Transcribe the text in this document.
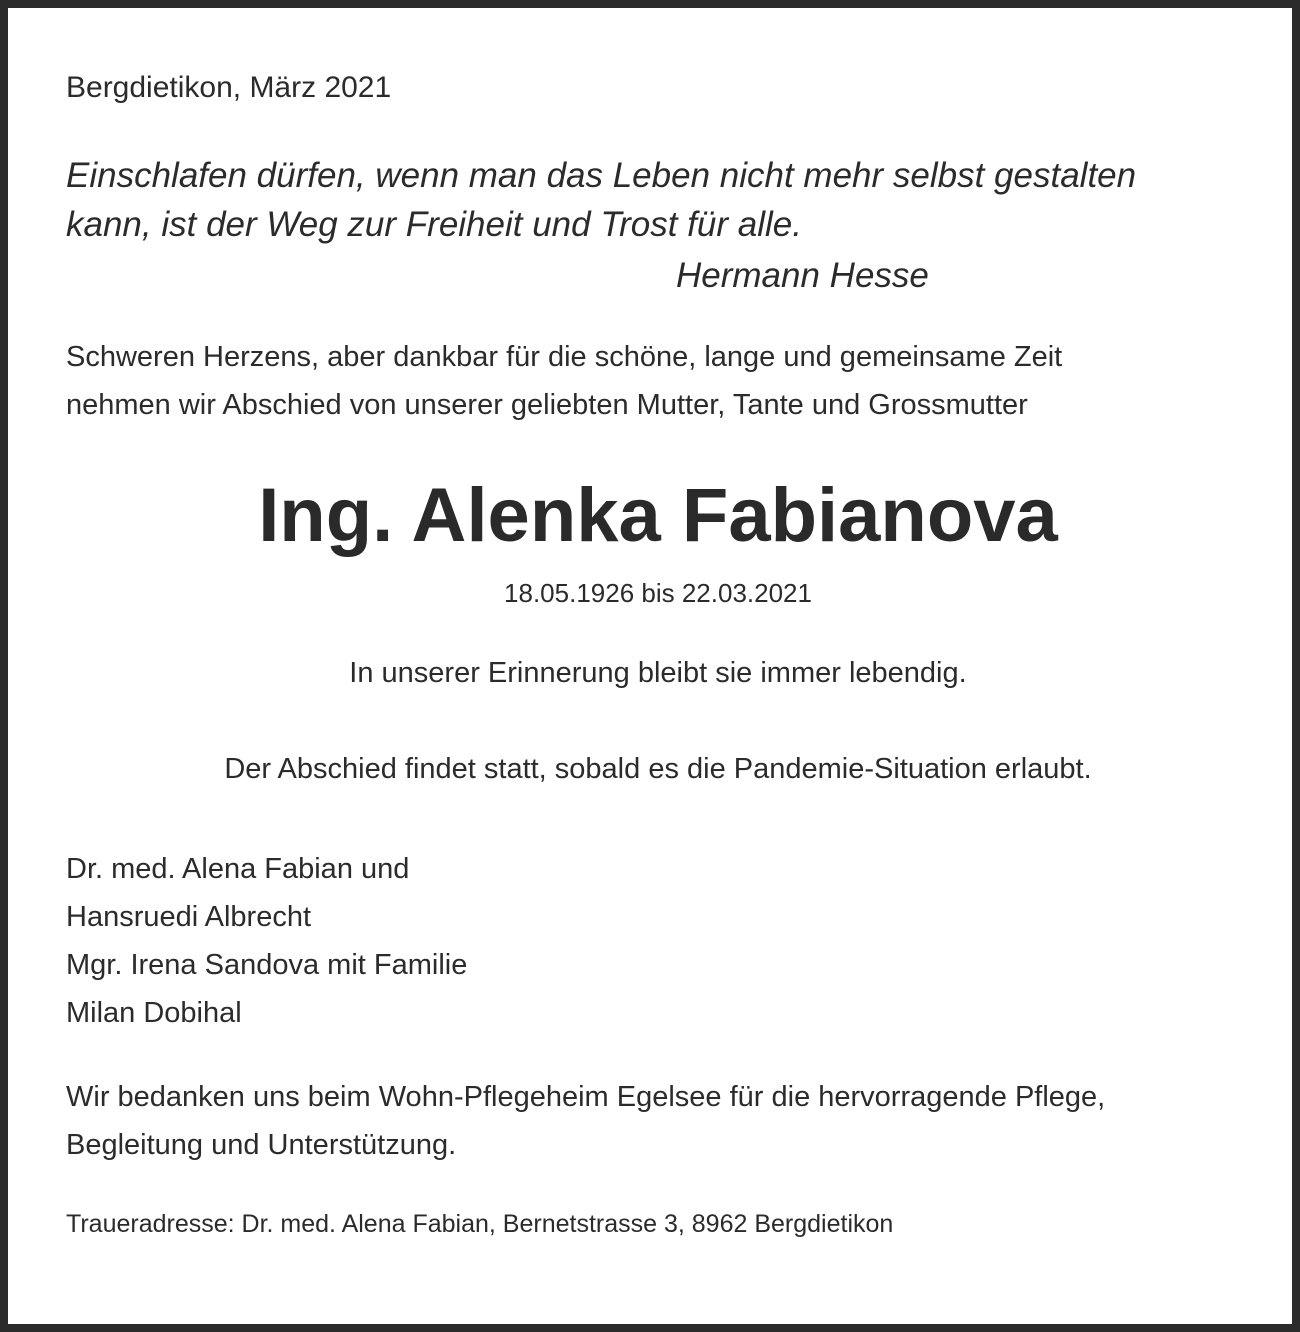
Bergdietikon, März 2021

Einschlafen dürfen, wenn man das Leben nicht mehr selbst gestalten
kann, ist der Weg zur Freiheit und Trost für alle.

Hermann Hesse

Schweren Herzens, aber dankbar für die schöne, lange und gemeinsame Zeit
nehmen wir Abschied von unserer geliebten Mutter, Tante und Grossmutter

Ing. Alenka Fabianova

18.05.1926 bis 22.03.2021

In unserer Erinnerung bleibt sie immer lebendig.

Der Abschied findet statt, sobald es die Pandemie-Situation erlaubt.

Dr. med. Alena Fabian und
Hansruedi Albrecht
Mgr. Irena Sandova mit Familie
Milan Dobihal

Wir bedanken uns beim Wohn-Pflegeheim Egelsee für die hervorragende Pflege,
Begleitung und Unterstützung.

Traueradresse: Dr. med. Alena Fabian, Bernetstrasse 3, 8962 Bergdietikon
